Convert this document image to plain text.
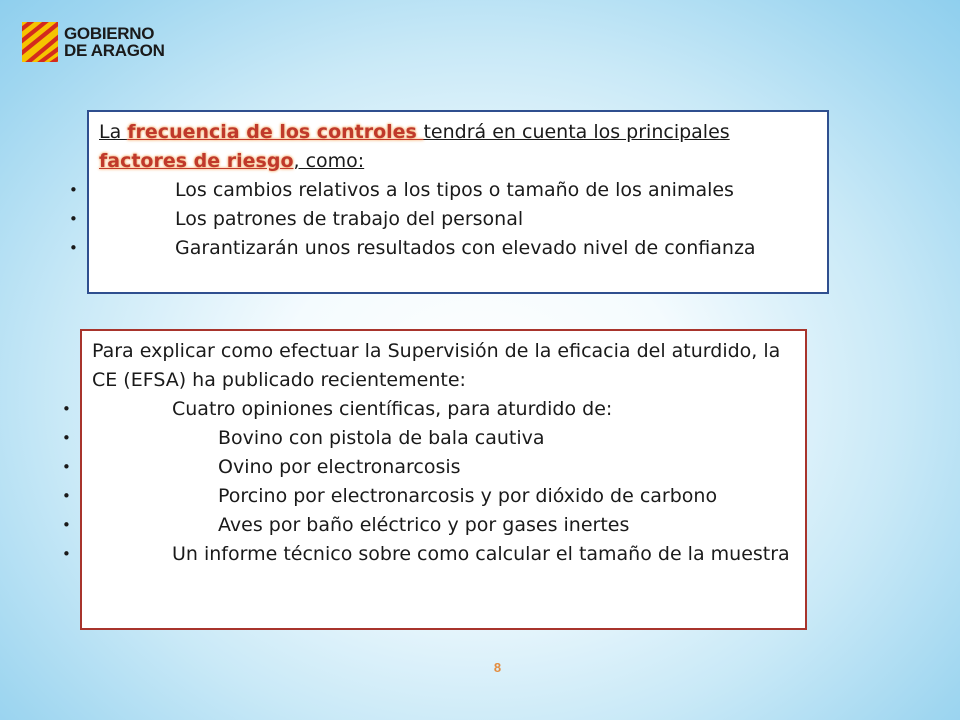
GOBIERNO
DE ARAGON
La frecuencia de los controles tendrá en cuenta los principales
factores de riesgo, como:
• Los cambios relativos a los tipos o tamaño de los animales
• Los patrones de trabajo del personal
• Garantizarán unos resultados con elevado nivel de confianza
Para explicar como efectuar la Supervisión de la eficacia del aturdido, la CE (EFSA) ha publicado recientemente:
• Cuatro opiniones científicas, para aturdido de:
• Bovino con pistola de bala cautiva
• Ovino por electronarcosis
• Porcino por electronarcosis y por dióxido de carbono
• Aves por baño eléctrico y por gases inertes
• Un informe técnico sobre como calcular el tamaño de la muestra
8
